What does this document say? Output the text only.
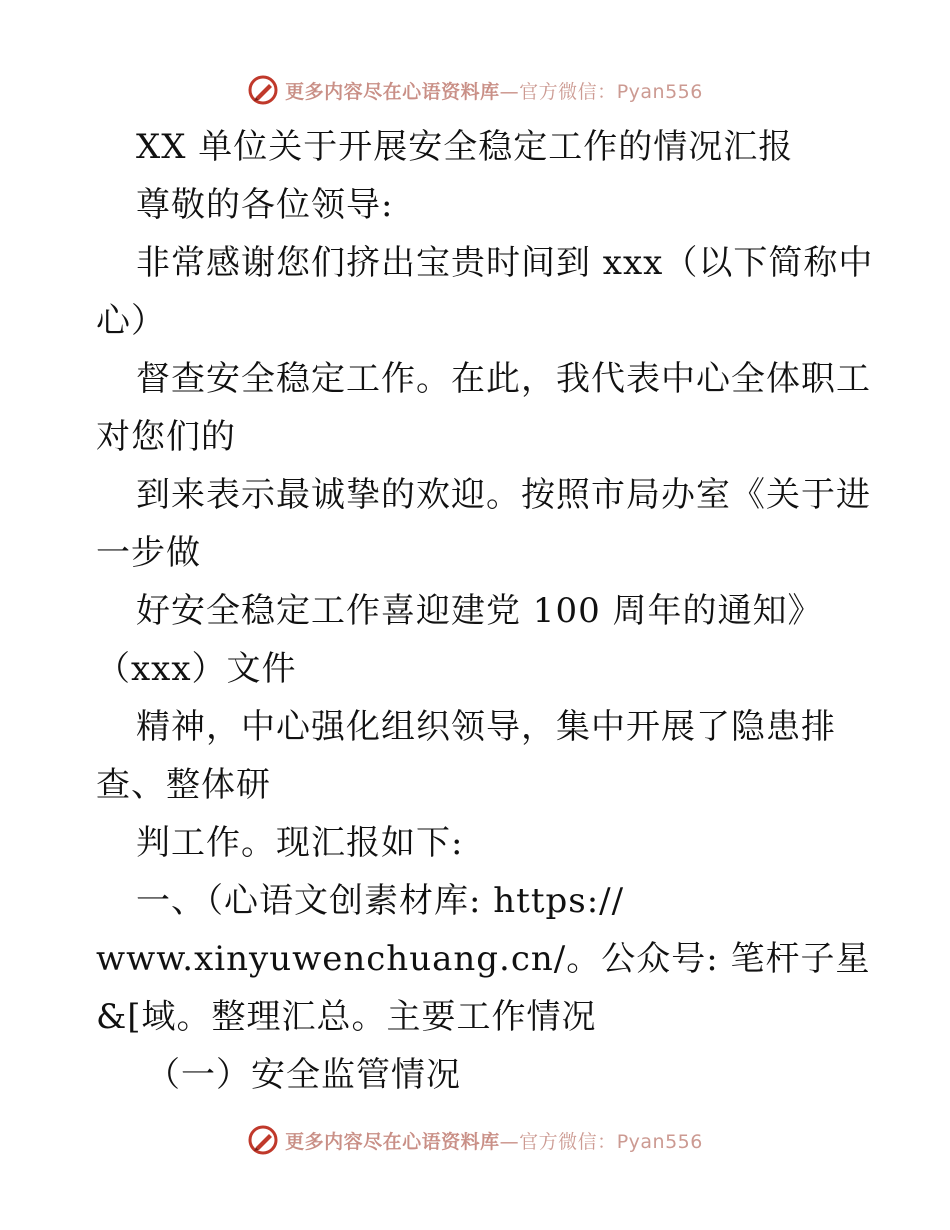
更多内容尽在心语资料库—官方微信：Pyan556
XX 单位关于开展安全稳定工作的情况汇报
尊敬的各位领导:
非常感谢您们挤出宝贵时间到 xxx（以下简称中
心）
督查安全稳定工作。在此，我代表中心全体职工
对您们的
到来表示最诚挚的欢迎。按照市局办室《关于进
一步做
好安全稳定工作喜迎建党 100 周年的通知》
（xxx）文件
精神，中心强化组织领导，集中开展了隐患排
查、整体研
判工作。现汇报如下:
一、（心语文创素材库: https://
www.xinyuwenchuang.cn/。公众号: 笔杆子星
&[域。整理汇总。主要工作情况
（一）安全监管情况
更多内容尽在心语资料库—官方微信：Pyan556
